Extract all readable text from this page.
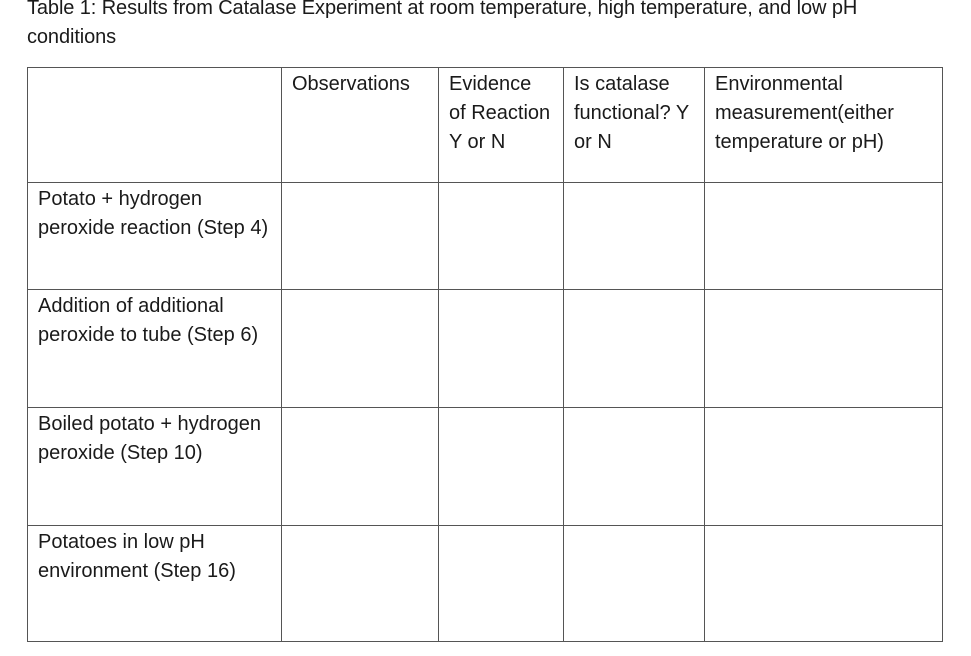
Table 1: Results from Catalase Experiment at room temperature, high temperature, and low pH
conditions
	Observations	Evidence of Reaction Y or N	Is catalase functional? Y or N	Environmental measurement(either temperature or pH)
Potato + hydrogen peroxide reaction (Step 4)				
Addition of additional peroxide to tube (Step 6)				
Boiled potato + hydrogen peroxide (Step 10)				
Potatoes in low pH environment (Step 16)				
